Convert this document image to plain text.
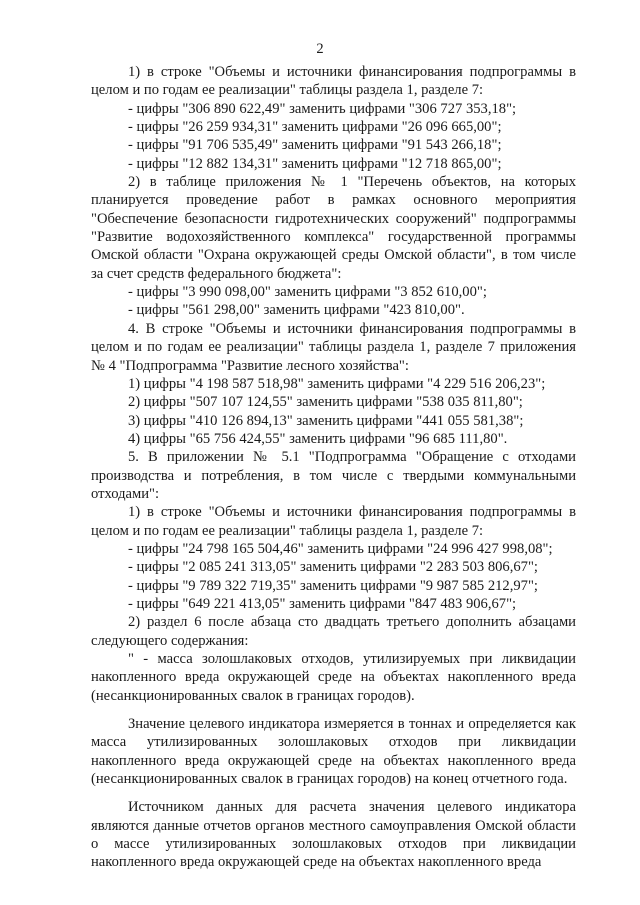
2

1) в строке "Объемы и источники финансирования подпрограммы в целом и по годам ее реализации" таблицы раздела 1, разделе 7:

- цифры "306 890 622,49" заменить цифрами "306 727 353,18";

- цифры "26 259 934,31" заменить цифрами "26 096 665,00";

- цифры "91 706 535,49" заменить цифрами "91 543 266,18";

- цифры "12 882 134,31" заменить цифрами "12 718 865,00";

2) в таблице приложения № 1 "Перечень объектов, на которых планируется проведение работ в рамках основного мероприятия "Обеспечение безопасности гидротехнических сооружений" подпрограммы "Развитие водохозяйственного комплекса" государственной программы Омской области "Охрана окружающей среды Омской области", в том числе за счет средств федерального бюджета":

- цифры "3 990 098,00" заменить цифрами "3 852 610,00";

- цифры "561 298,00" заменить цифрами "423 810,00".

4. В строке "Объемы и источники финансирования подпрограммы в целом и по годам ее реализации" таблицы раздела 1, разделе 7 приложения № 4 "Подпрограмма "Развитие лесного хозяйства":

1) цифры "4 198 587 518,98" заменить цифрами "4 229 516 206,23";

2) цифры "507 107 124,55" заменить цифрами "538 035 811,80";

3) цифры "410 126 894,13" заменить цифрами "441 055 581,38";

4) цифры "65 756 424,55" заменить цифрами "96 685 111,80".

5. В приложении № 5.1 "Подпрограмма "Обращение с отходами производства и потребления, в том числе с твердыми коммунальными отходами":

1) в строке "Объемы и источники финансирования подпрограммы в целом и по годам ее реализации" таблицы раздела 1, разделе 7:

- цифры "24 798 165 504,46" заменить цифрами "24 996 427 998,08";

- цифры "2 085 241 313,05" заменить цифрами "2 283 503 806,67";

- цифры "9 789 322 719,35" заменить цифрами "9 987 585 212,97";

- цифры "649 221 413,05" заменить цифрами "847 483 906,67";

2) раздел 6 после абзаца сто двадцать третьего дополнить абзацами следующего содержания:

" - масса золошлаковых отходов, утилизируемых при ликвидации накопленного вреда окружающей среде на объектах накопленного вреда (несанкционированных свалок в границах городов).

Значение целевого индикатора измеряется в тоннах и определяется как масса утилизированных золошлаковых отходов при ликвидации накопленного вреда окружающей среде на объектах накопленного вреда (несанкционированных свалок в границах городов) на конец отчетного года.

Источником данных для расчета значения целевого индикатора являются данные отчетов органов местного самоуправления Омской области о массе утилизированных золошлаковых отходов при ликвидации накопленного вреда окружающей среде на объектах накопленного вреда
